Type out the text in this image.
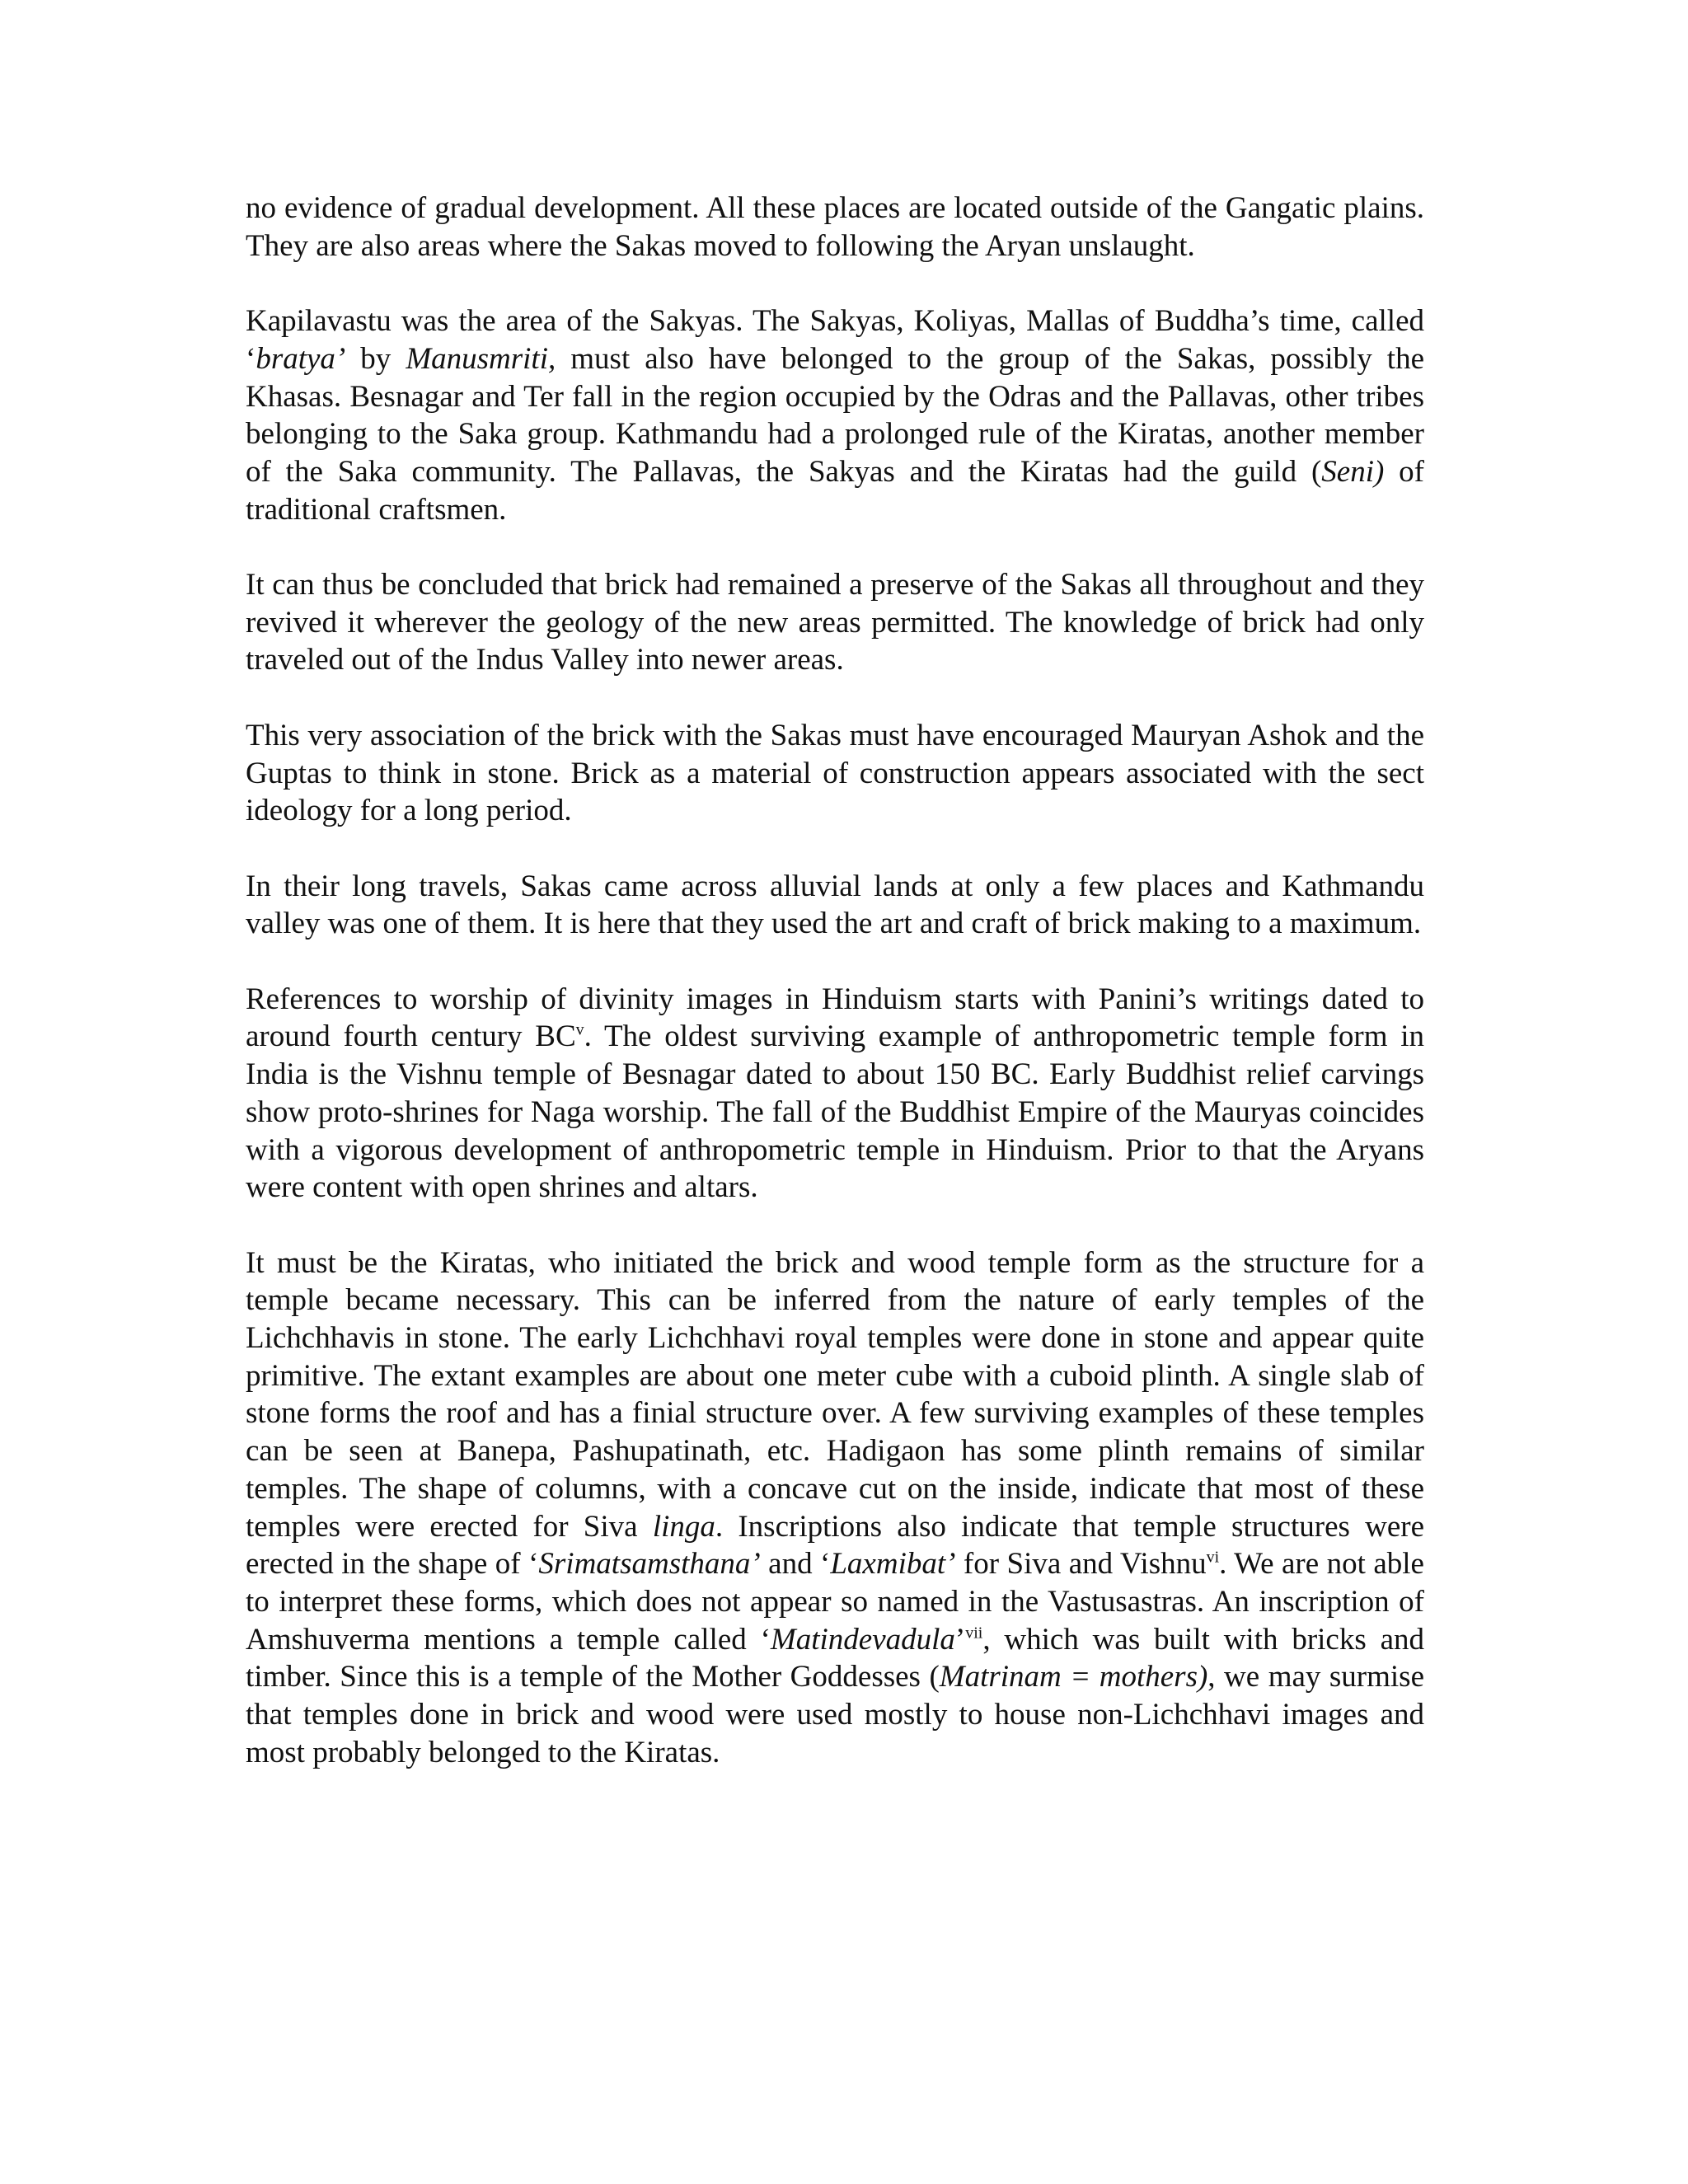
no evidence of gradual development. All these places are located outside of the Gangatic plains. They are also areas where the Sakas moved to following the Aryan unslaught.

Kapilavastu was the area of the Sakyas. The Sakyas, Koliyas, Mallas of Buddha’s time, called ‘bratya’ by Manusmriti, must also have belonged to the group of the Sakas, possibly the Khasas. Besnagar and Ter fall in the region occupied by the Odras and the Pallavas, other tribes belonging to the Saka group. Kathmandu had a prolonged rule of the Kiratas, another member of the Saka community. The Pallavas, the Sakyas and the Kiratas had the guild (Seni) of traditional craftsmen.

It can thus be concluded that brick had remained a preserve of the Sakas all throughout and they revived it wherever the geology of the new areas permitted. The knowledge of brick had only traveled out of the Indus Valley into newer areas.

This very association of the brick with the Sakas must have encouraged Mauryan Ashok and the Guptas to think in stone. Brick as a material of construction appears associated with the sect ideology for a long period.

In their long travels, Sakas came across alluvial lands at only a few places and Kathmandu valley was one of them. It is here that they used the art and craft of brick making to a maximum.

References to worship of divinity images in Hinduism starts with Panini’s writings dated to around fourth century $BC^v$. The oldest surviving example of anthropometric temple form in India is the Vishnu temple of Besnagar dated to about 150 BC. Early Buddhist relief carvings show proto-shrines for Naga worship. The fall of the Buddhist Empire of the Mauryas coincides with a vigorous development of anthropometric temple in Hinduism. Prior to that the Aryans were content with open shrines and altars.

It must be the Kiratas, who initiated the brick and wood temple form as the structure for a temple became necessary. This can be inferred from the nature of early temples of the Lichchhavis in stone. The early Lichchhavi royal temples were done in stone and appear quite primitive. The extant examples are about one meter cube with a cuboid plinth. A single slab of stone forms the roof and has a finial structure over. A few surviving examples of these temples can be seen at Banepa, Pashupatinath, etc. Hadigaon has some plinth remains of similar temples. The shape of columns, with a concave cut on the inside, indicate that most of these temples were erected for Siva linga. Inscriptions also indicate that temple structures were erected in the shape of ‘Srimatsamsthana’ and ‘Laxmibat’ for Siva and Vishnu$^{vi}$. We are not able to interpret these forms, which does not appear so named in the Vastusastras. An inscription of Amshuverma mentions a temple called ‘Matindevadula’$^{vii}$, which was built with bricks and timber. Since this is a temple of the Mother Goddesses (Matrinam = mothers), we may surmise that temples done in brick and wood were used mostly to house non-Lichchhavi images and most probably belonged to the Kiratas.
